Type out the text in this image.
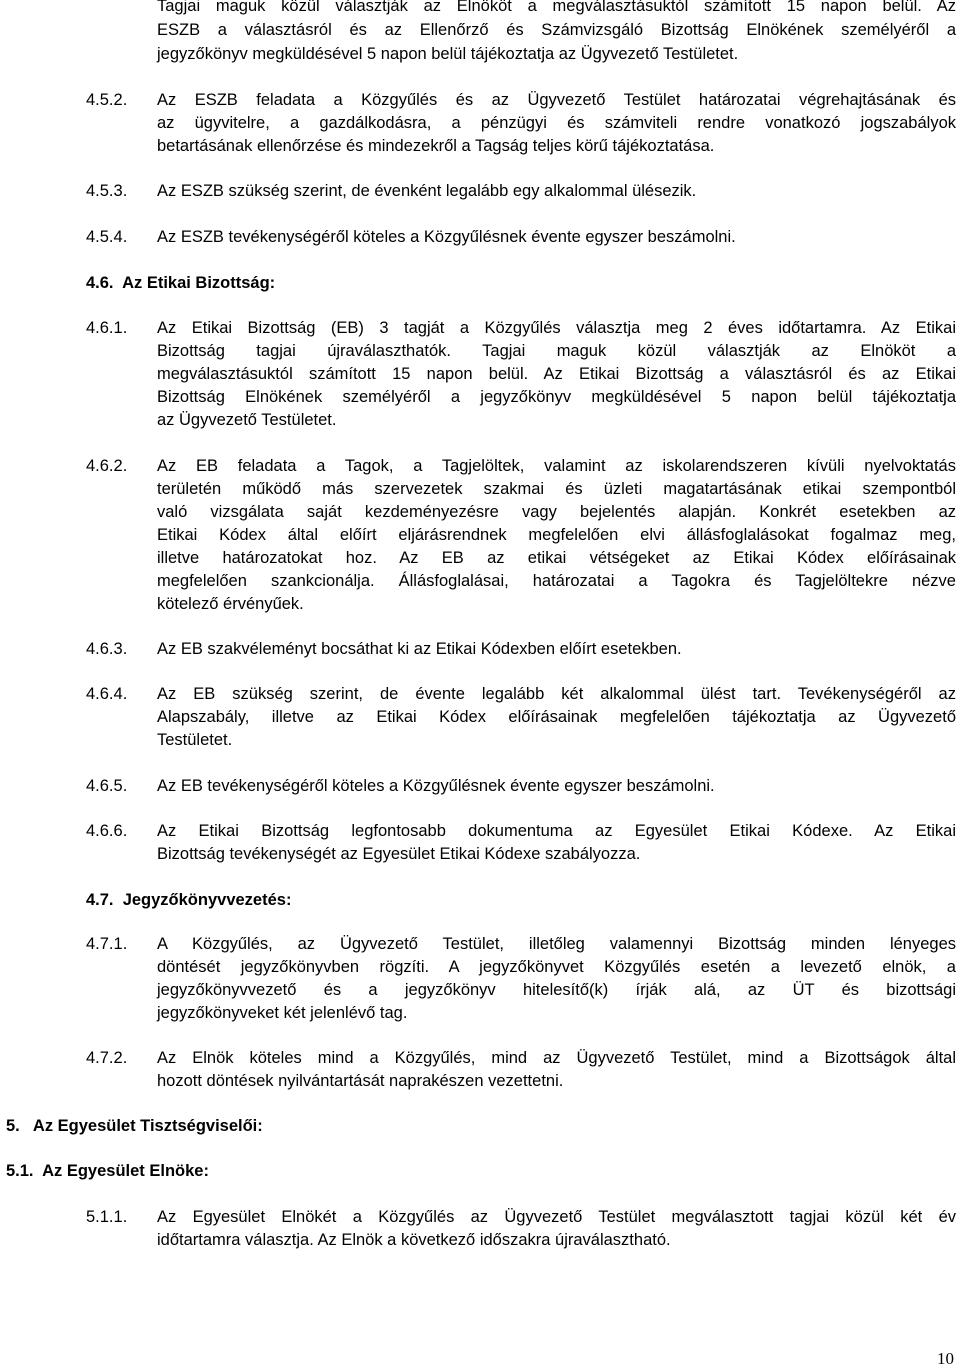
Tagjai maguk közül választják az Elnököt a megválasztásuktól számított 15 napon belül. Az
ESZB a választásról és az Ellenőrző és Számvizsgáló Bizottság Elnökének személyéről a
jegyzőkönyv megküldésével 5 napon belül tájékoztatja az Ügyvezető Testületet.
4.5.2. Az ESZB feladata a Közgyűlés és az Ügyvezető Testület határozatai végrehajtásának és
az ügyvitelre, a gazdálkodásra, a pénzügyi és számviteli rendre vonatkozó jogszabályok
betartásának ellenőrzése és mindezekről a Tagság teljes körű tájékoztatása.
4.5.3. Az ESZB szükség szerint, de évenként legalább egy alkalommal ülésezik.
4.5.4. Az ESZB tevékenységéről köteles a Közgyűlésnek évente egyszer beszámolni.
4.6.  Az Etikai Bizottság:
4.6.1. Az Etikai Bizottság (EB) 3 tagját a Közgyűlés választja meg 2 éves időtartamra. Az Etikai
Bizottság tagjai újraválaszthatók. Tagjai maguk közül választják az Elnököt a
megválasztásuktól számított 15 napon belül. Az Etikai Bizottság a választásról és az Etikai
Bizottság Elnökének személyéről a jegyzőkönyv megküldésével 5 napon belül tájékoztatja
az Ügyvezető Testületet.
4.6.2. Az EB feladata a Tagok, a Tagjelöltek, valamint az iskolarendszeren kívüli nyelvoktatás
területén működő más szervezetek szakmai és üzleti magatartásának etikai szempontból
való vizsgálata saját kezdeményezésre vagy bejelentés alapján. Konkrét esetekben az
Etikai Kódex által előírt eljárásrendnek megfelelően elvi állásfoglalásokat fogalmaz meg,
illetve határozatokat hoz. Az EB az etikai vétségeket az Etikai Kódex előírásainak
megfelelően szankcionálja. Állásfoglalásai, határozatai a Tagokra és Tagjelöltekre nézve
kötelező érvényűek.
4.6.3. Az EB szakvéleményt bocsáthat ki az Etikai Kódexben előírt esetekben.
4.6.4. Az EB szükség szerint, de évente legalább két alkalommal ülést tart. Tevékenységéről az
Alapszabály, illetve az Etikai Kódex előírásainak megfelelően tájékoztatja az Ügyvezető
Testületet.
4.6.5. Az EB tevékenységéről köteles a Közgyűlésnek évente egyszer beszámolni.
4.6.6. Az Etikai Bizottság legfontosabb dokumentuma az Egyesület Etikai Kódexe. Az Etikai
Bizottság tevékenységét az Egyesület Etikai Kódexe szabályozza.
4.7.  Jegyzőkönyvvezetés:
4.7.1. A Közgyűlés, az Ügyvezető Testület, illetőleg valamennyi Bizottság minden lényeges
döntését jegyzőkönyvben rögzíti. A jegyzőkönyvet Közgyűlés esetén a levezető elnök, a
jegyzőkönyvvezető és a jegyzőkönyv hitelesítő(k) írják alá, az ÜT és bizottsági
jegyzőkönyveket két jelenlévő tag.
4.7.2. Az Elnök köteles mind a Közgyűlés, mind az Ügyvezető Testület, mind a Bizottságok által
hozott döntések nyilvántartását naprakészen vezettetni.
5.   Az Egyesület Tisztségviselői:
5.1.  Az Egyesület Elnöke:
5.1.1. Az Egyesület Elnökét a Közgyűlés az Ügyvezető Testület megválasztott tagjai közül két év
időtartamra választja. Az Elnök a következő időszakra újraválasztható.
10
